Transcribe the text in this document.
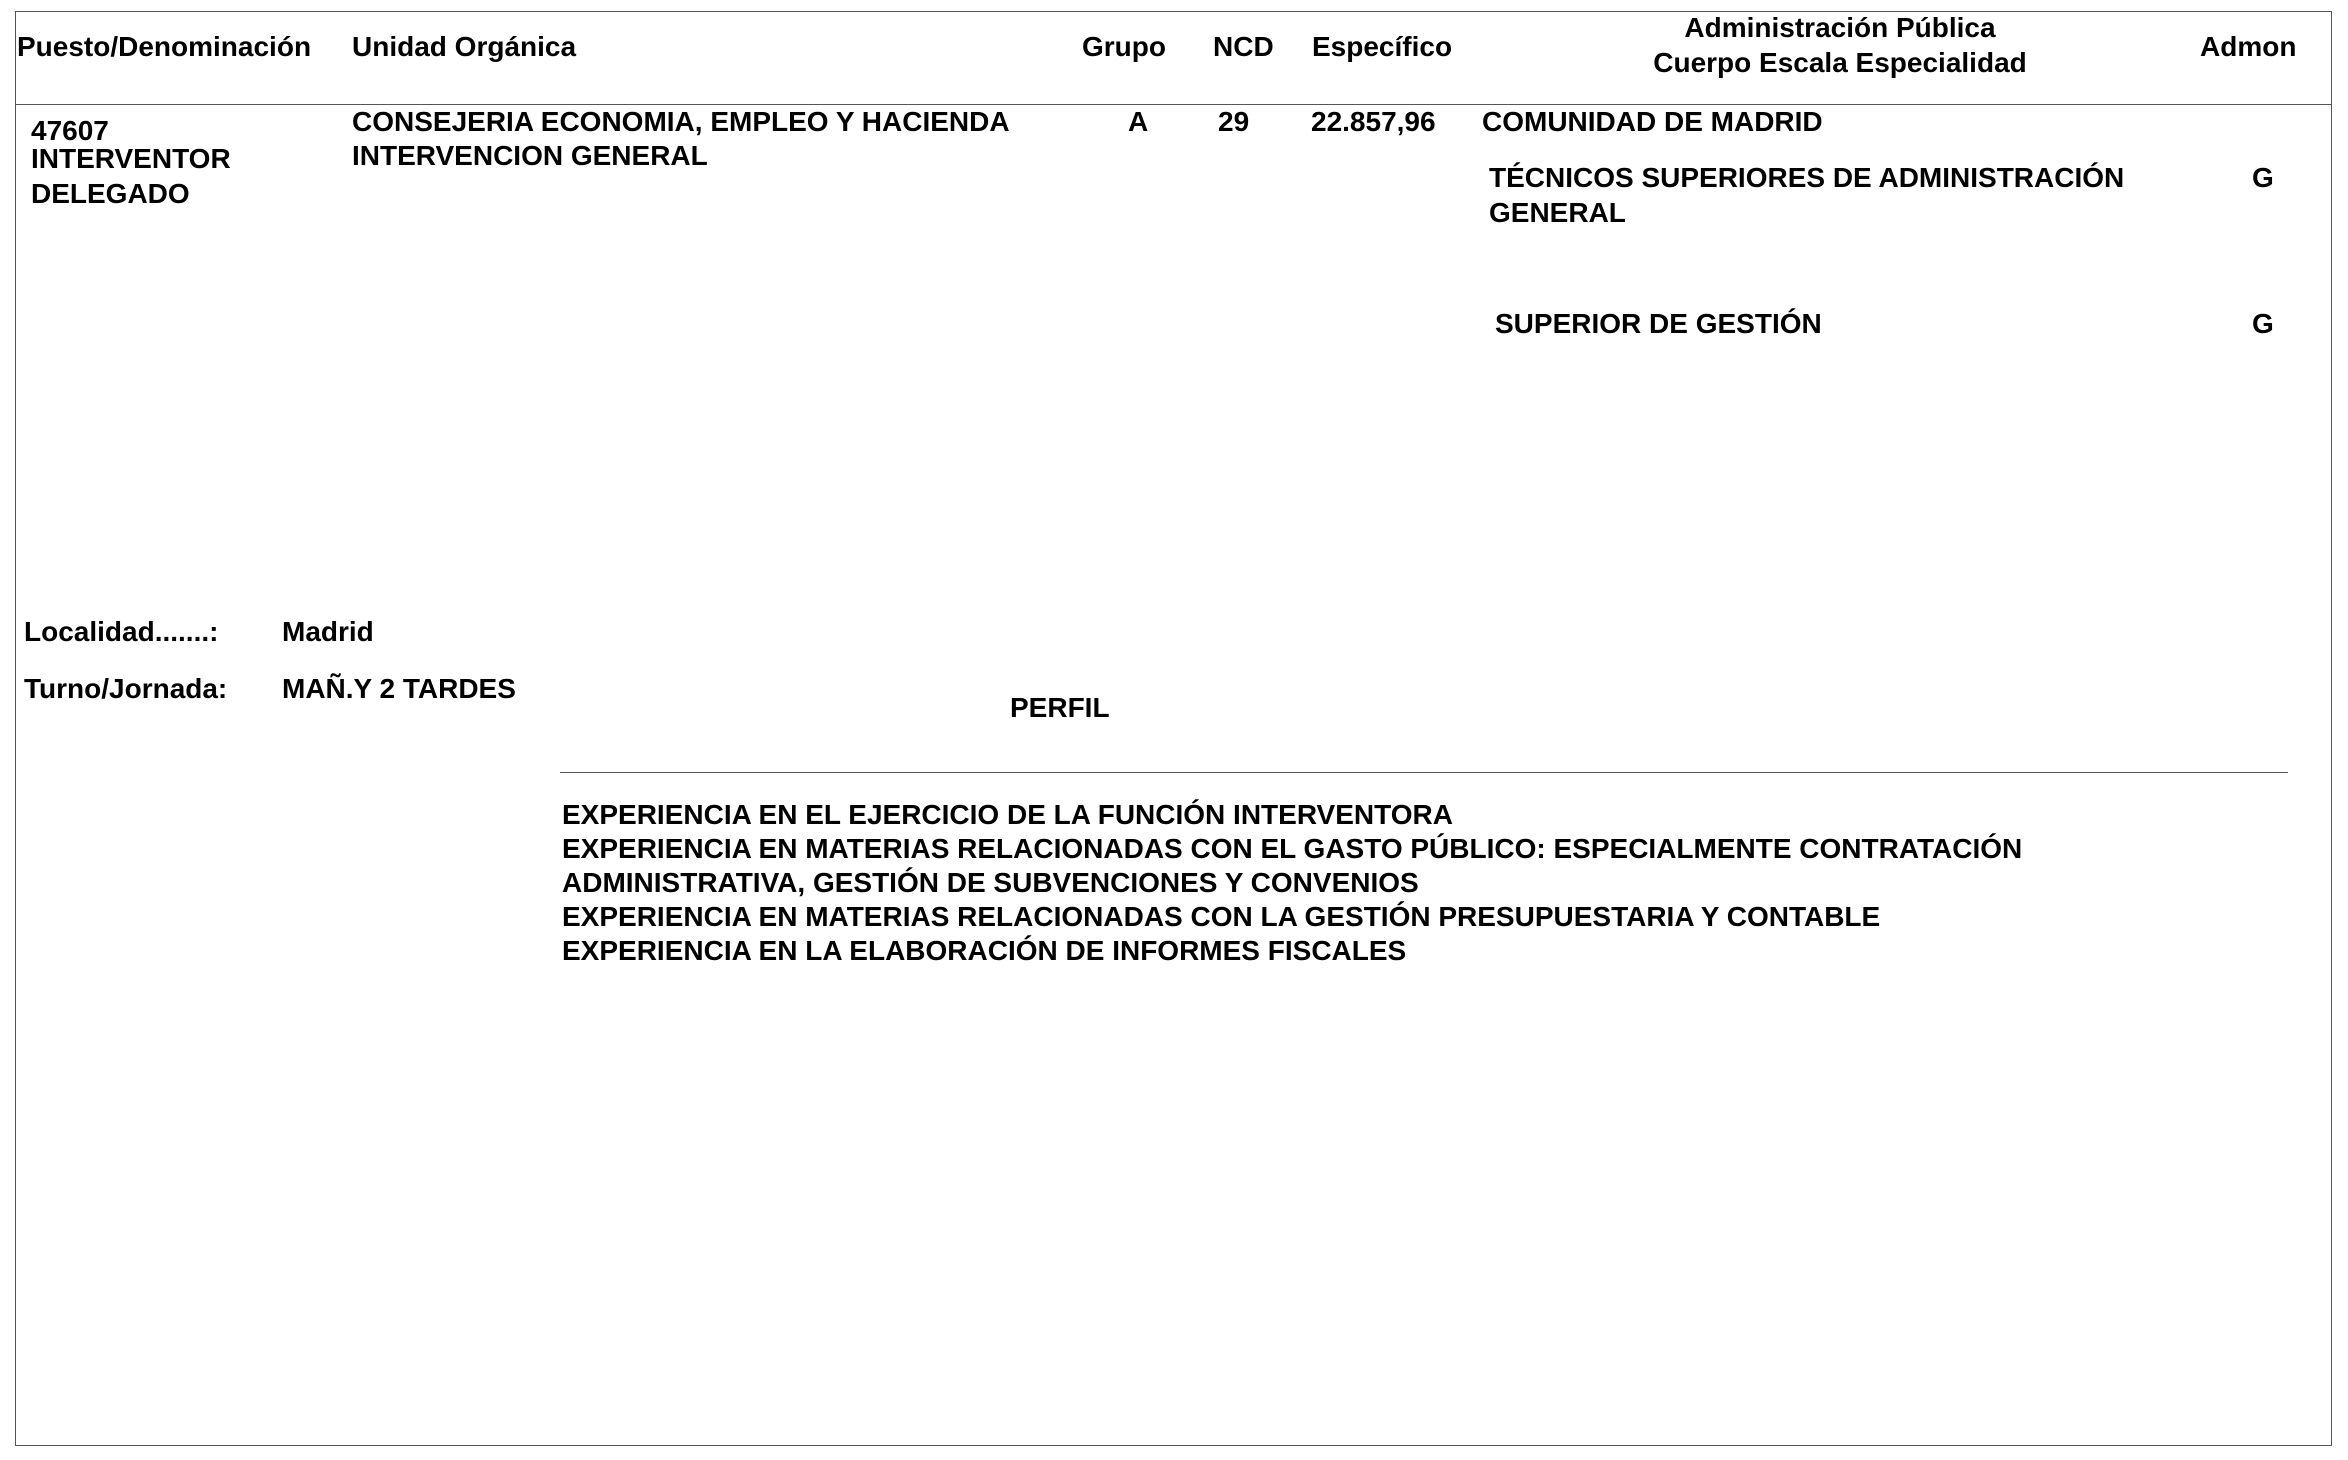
Puesto/Denominación Unidad Orgánica	Grupo NCD Específico
Administración Pública
Cuerpo Escala Especialidad
Admon
47607
INTERVENTOR
DELEGADO
CONSEJERIA ECONOMIA, EMPLEO Y HACIENDA
INTERVENCION GENERAL
A 29 22.857,96 COMUNIDAD DE MADRID
TÉCNICOS SUPERIORES DE ADMINISTRACIÓN
GENERAL
G
SUPERIOR DE GESTIÓN	G
Localidad.......: Madrid
Turno/Jornada: MAÑ.Y 2 TARDES
PERFIL
EXPERIENCIA EN EL EJERCICIO DE LA FUNCIÓN INTERVENTORA
EXPERIENCIA EN MATERIAS RELACIONADAS CON EL GASTO PÚBLICO: ESPECIALMENTE CONTRATACIÓN
ADMINISTRATIVA, GESTIÓN DE SUBVENCIONES Y CONVENIOS
EXPERIENCIA EN MATERIAS RELACIONADAS CON LA GESTIÓN PRESUPUESTARIA Y CONTABLE
EXPERIENCIA EN LA ELABORACIÓN DE INFORMES FISCALES
